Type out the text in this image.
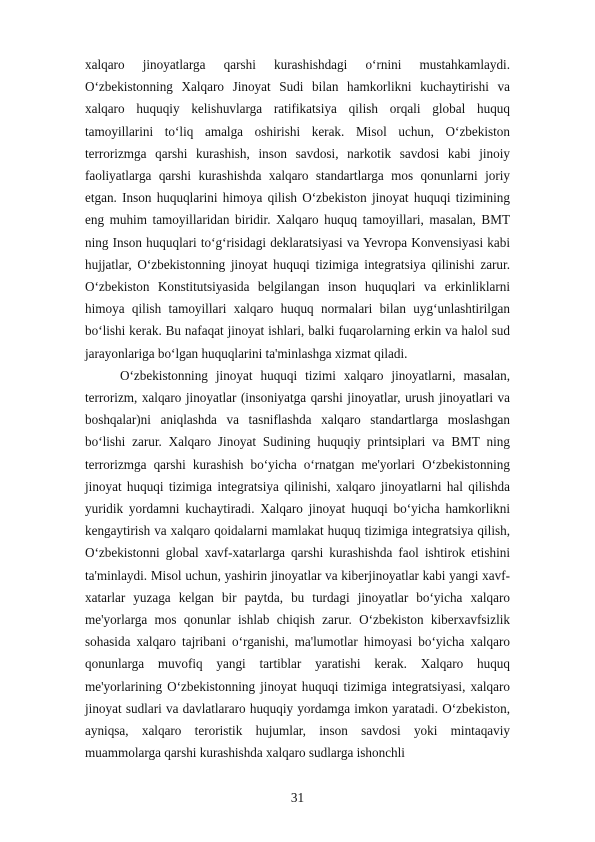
xalqaro jinoyatlarga qarshi kurashishdagi o‘rnini mustahkamlaydi. O‘zbekistonning Xalqaro Jinoyat Sudi bilan hamkorlikni kuchaytirishi va xalqaro huquqiy kelishuvlarga ratifikatsiya qilish orqali global huquq tamoyillarini to‘liq amalga oshirishi kerak. Misol uchun, O‘zbekiston terrorizmga qarshi kurashish, inson savdosi, narkotik savdosi kabi jinoiy faoliyatlarga qarshi kurashishda xalqaro standartlarga mos qonunlarni joriy etgan. Inson huquqlarini himoya qilish O‘zbekiston jinoyat huquqi tizimining eng muhim tamoyillaridan biridir. Xalqaro huquq tamoyillari, masalan, BMT ning Inson huquqlari to‘g‘risidagi deklaratsiyasi va Yevropa Konvensiyasi kabi hujjatlar, O‘zbekistonning jinoyat huquqi tizimiga integratsiya qilinishi zarur. O‘zbekiston Konstitutsiyasida belgilangan inson huquqlari va erkinliklarni himoya qilish tamoyillari xalqaro huquq normalari bilan uyg‘unlashtirilgan bo‘lishi kerak. Bu nafaqat jinoyat ishlari, balki fuqarolarning erkin va halol sud jarayonlariga bo‘lgan huquqlarini ta'minlashga xizmat qiladi.

O‘zbekistonning jinoyat huquqi tizimi xalqaro jinoyatlarni, masalan, terrorizm, xalqaro jinoyatlar (insoniyatga qarshi jinoyatlar, urush jinoyatlari va boshqalar)ni aniqlashda va tasniflashda xalqaro standartlarga moslashgan bo‘lishi zarur. Xalqaro Jinoyat Sudining huquqiy printsiplari va BMT ning terrorizmga qarshi kurashish bo‘yicha o‘rnatgan me'yorlari O‘zbekistonning jinoyat huquqi tizimiga integratsiya qilinishi, xalqaro jinoyatlarni hal qilishda yuridik yordamni kuchaytiradi. Xalqaro jinoyat huquqi bo‘yicha hamkorlikni kengaytirish va xalqaro qoidalarni mamlakat huquq tizimiga integratsiya qilish, O‘zbekistonni global xavf-xatarlarga qarshi kurashishda faol ishtirok etishini ta'minlaydi. Misol uchun, yashirin jinoyatlar va kiberjinoyatlar kabi yangi xavf-xatarlar yuzaga kelgan bir paytda, bu turdagi jinoyatlar bo‘yicha xalqaro me'yorlarga mos qonunlar ishlab chiqish zarur. O‘zbekiston kiberxavfsizlik sohasida xalqaro tajribani o‘rganishi, ma'lumotlar himoyasi bo‘yicha xalqaro qonunlarga muvofiq yangi tartiblar yaratishi kerak. Xalqaro huquq me'yorlarining O‘zbekistonning jinoyat huquqi tizimiga integratsiyasi, xalqaro jinoyat sudlari va davlatlararo huquqiy yordamga imkon yaratadi. O‘zbekiston, ayniqsa, xalqaro teroristik hujumlar, inson savdosi yoki mintaqaviy muammolarga qarshi kurashishda xalqaro sudlarga ishonchli

31
